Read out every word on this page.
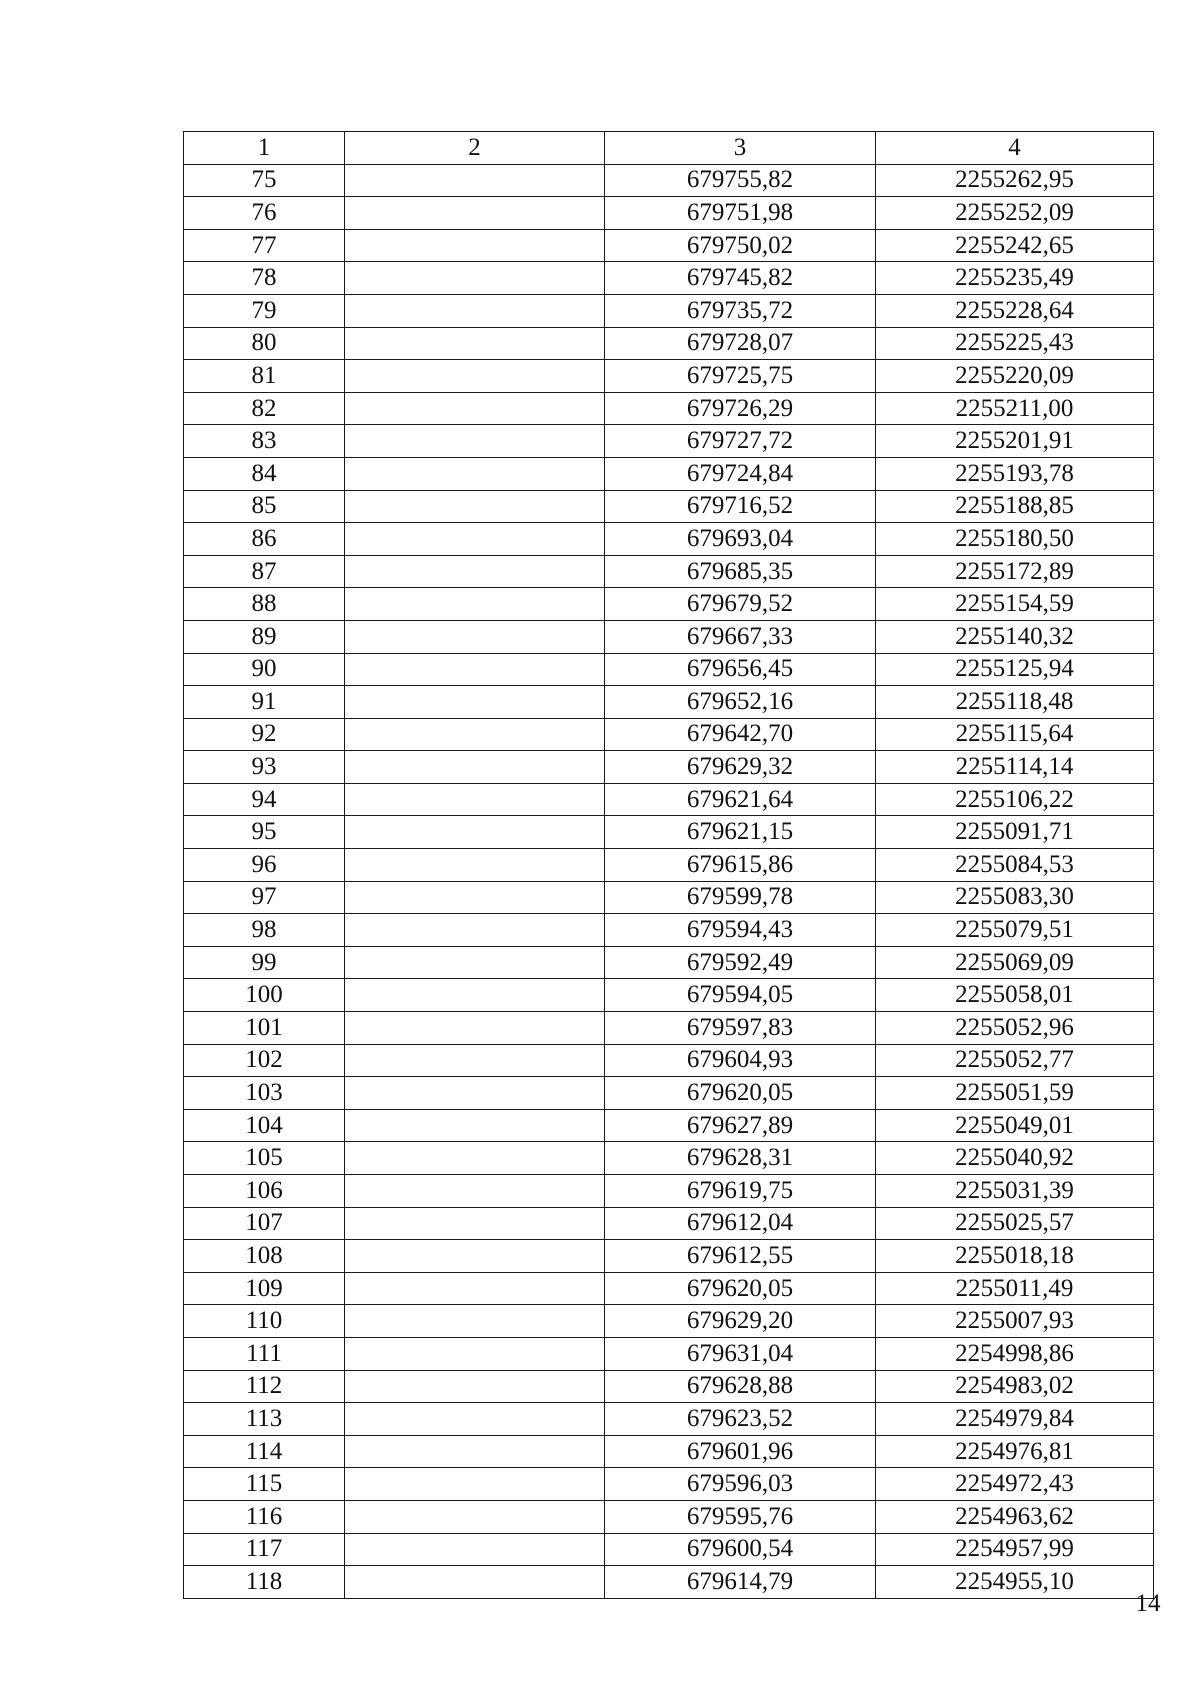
1	2	3	4
75		679755,82	2255262,95
76		679751,98	2255252,09
77		679750,02	2255242,65
78		679745,82	2255235,49
79		679735,72	2255228,64
80		679728,07	2255225,43
81		679725,75	2255220,09
82		679726,29	2255211,00
83		679727,72	2255201,91
84		679724,84	2255193,78
85		679716,52	2255188,85
86		679693,04	2255180,50
87		679685,35	2255172,89
88		679679,52	2255154,59
89		679667,33	2255140,32
90		679656,45	2255125,94
91		679652,16	2255118,48
92		679642,70	2255115,64
93		679629,32	2255114,14
94		679621,64	2255106,22
95		679621,15	2255091,71
96		679615,86	2255084,53
97		679599,78	2255083,30
98		679594,43	2255079,51
99		679592,49	2255069,09
100		679594,05	2255058,01
101		679597,83	2255052,96
102		679604,93	2255052,77
103		679620,05	2255051,59
104		679627,89	2255049,01
105		679628,31	2255040,92
106		679619,75	2255031,39
107		679612,04	2255025,57
108		679612,55	2255018,18
109		679620,05	2255011,49
110		679629,20	2255007,93
111		679631,04	2254998,86
112		679628,88	2254983,02
113		679623,52	2254979,84
114		679601,96	2254976,81
115		679596,03	2254972,43
116		679595,76	2254963,62
117		679600,54	2254957,99
118		679614,79	2254955,10
14
